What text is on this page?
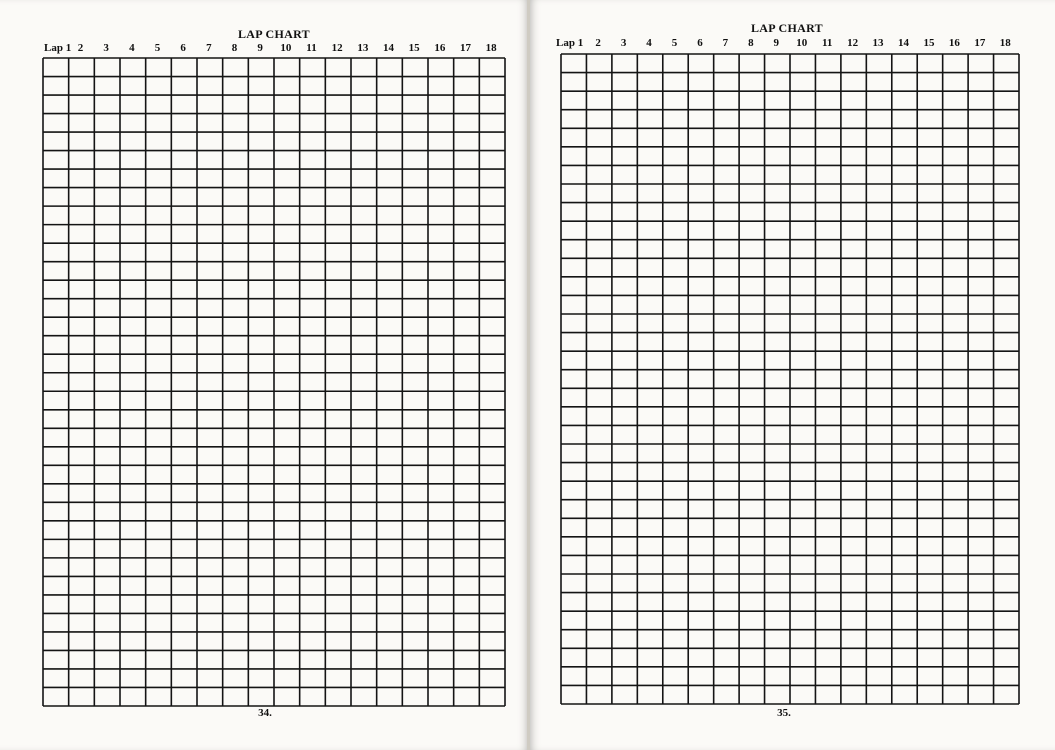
LAP CHART
Lap 1 2 3 4 5 6 7 8 9 10 11 12 13 14 15 16 17 18
34.
LAP CHART
Lap 1 2 3 4 5 6 7 8 9 10 11 12 13 14 15 16 17 18
35.
